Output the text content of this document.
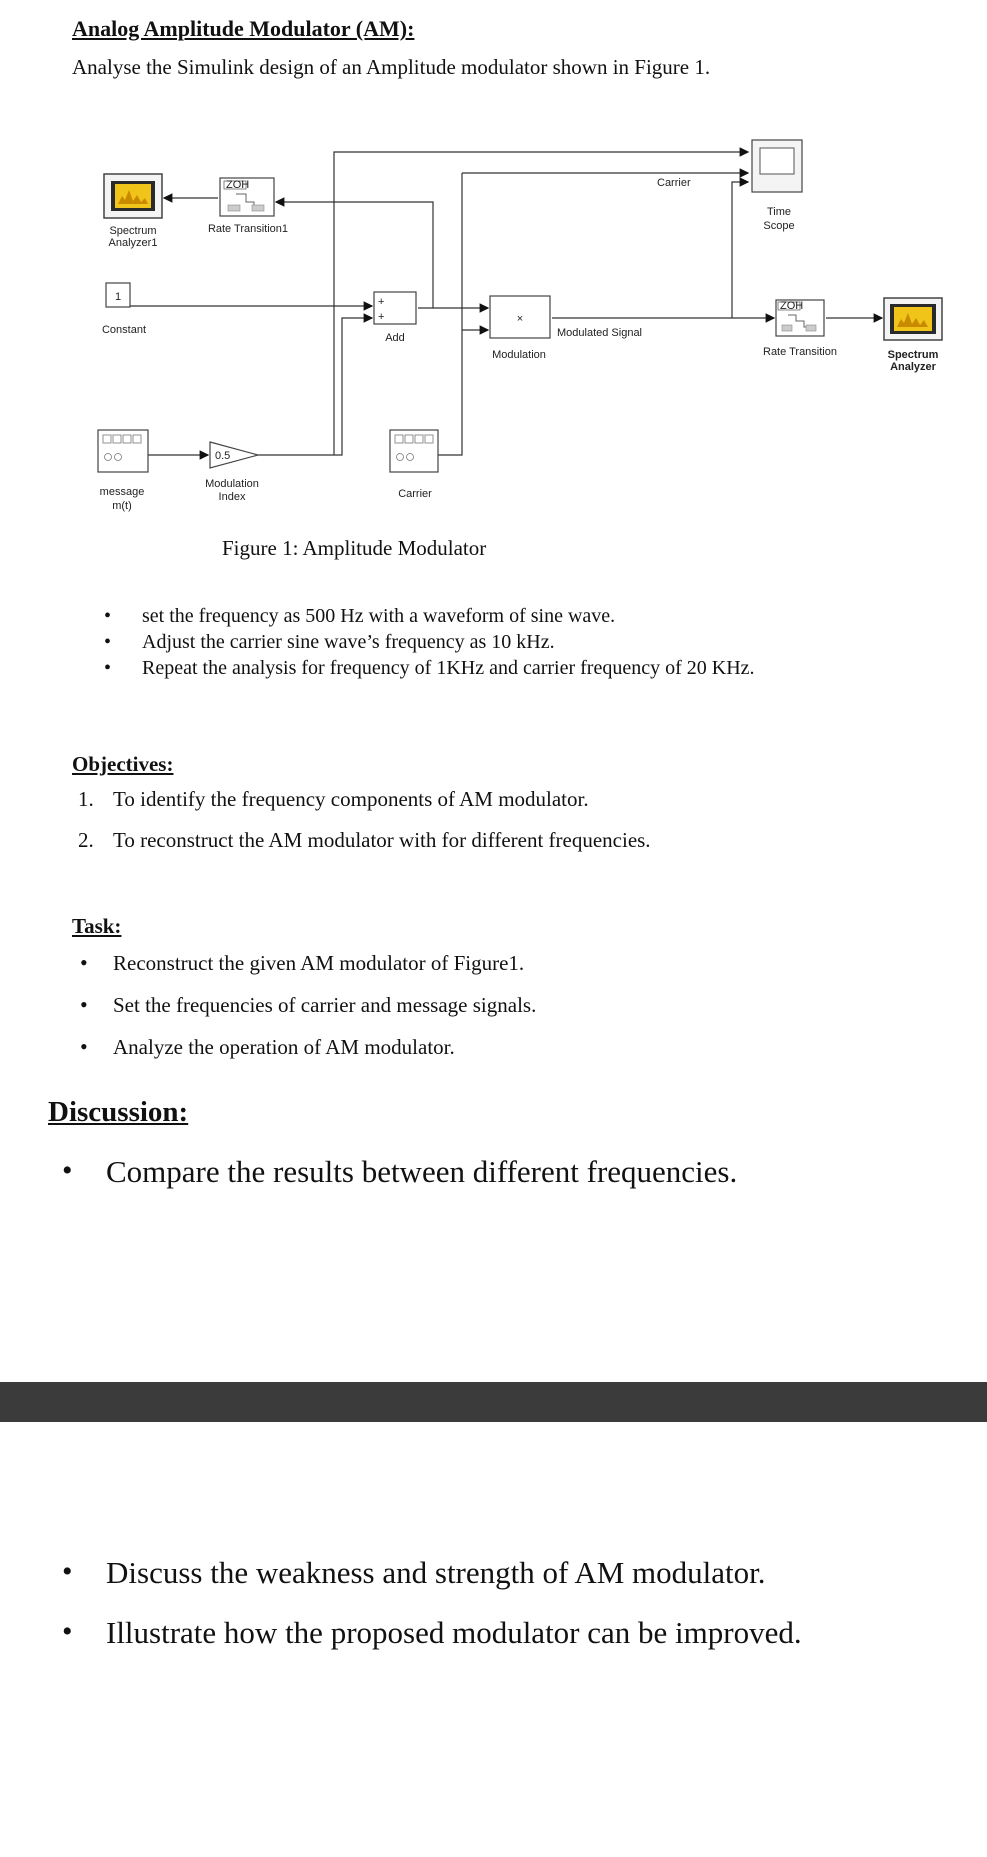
Analog Amplitude Modulator (AM):
Analyse the Simulink design of an Amplitude modulator shown in Figure 1.
Spectrum
Analyzer1
ZOH
Rate Transition1
1
Constant
+
+
Add
×
Modulation
Modulated Signal
Carrier
Time
Scope
ZOH
Rate Transition	Spectrum
Analyzer
message
m(t)
0.5
Modulation
Index	Carrier
Figure 1: Amplitude Modulator
• set the frequency as 500 Hz with a waveform of sine wave.
• Adjust the carrier sine wave’s frequency as 10 kHz.
• Repeat the analysis for frequency of 1KHz and carrier frequency of 20 KHz.
Objectives:
1. To identify the frequency components of AM modulator.
2. To reconstruct the AM modulator with for different frequencies.
Task:
• Reconstruct the given AM modulator of Figure1.
• Set the frequencies of carrier and message signals.
• Analyze the operation of AM modulator.
Discussion:
• Compare the results between different frequencies.
• Discuss the weakness and strength of AM modulator.
• Illustrate how the proposed modulator can be improved.
